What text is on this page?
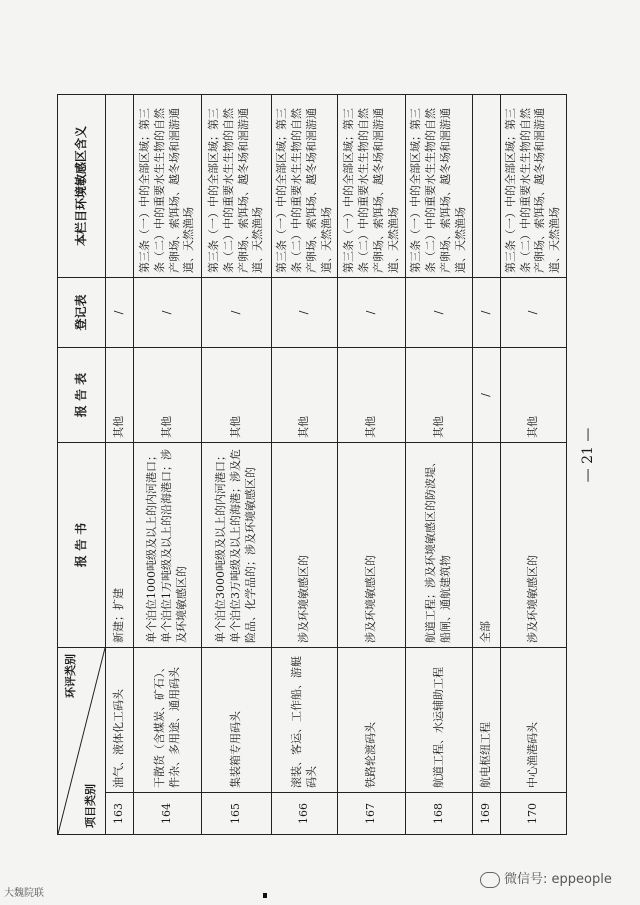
环评类别
项目类别		报 告 书	报 告 表	登记表	本栏目环境敏感区含义
163	油气、液体化工码头	新建；扩建	其他	/	
164	干散货（含煤炭、矿石）、件杂、多用途、通用码头	单个泊位1000吨级及以上的内河港口；单个泊位1万吨级及以上的沿海港口；涉及环境敏感区的	其他	/	第三条（一）中的全部区域；第三条（二）中的重要水生生物的自然产卵场、索饵场、越冬场和洄游通道、天然渔场
165	集装箱专用码头	单个泊位3000吨级及以上的内河港口；单个泊位3万吨级及以上的海港；涉及危险品、化学品的；涉及环境敏感区的	其他	/	第三条（一）中的全部区域；第三条（二）中的重要水生生物的自然产卵场、索饵场、越冬场和洄游通道、天然渔场
166	滚装、客运、工作船、游艇码头	涉及环境敏感区的	其他	/	第三条（一）中的全部区域；第三条（二）中的重要水生生物的自然产卵场、索饵场、越冬场和洄游通道、天然渔场
167	铁路轮渡码头	涉及环境敏感区的	其他	/	第三条（一）中的全部区域；第三条（二）中的重要水生生物的自然产卵场、索饵场、越冬场和洄游通道、天然渔场
168	航道工程、水运辅助工程	航道工程；涉及环境敏感区的防波堤、船闸、通航建筑物	其他	/	第三条（一）中的全部区域；第三条（二）中的重要水生生物的自然产卵场、索饵场、越冬场和洄游通道、天然渔场
169	航电枢纽工程	全部	/	/	
170	中心渔港码头	涉及环境敏感区的	其他	/	第三条（一）中的全部区域；第三条（二）中的重要水生生物的自然产卵场、索饵场、越冬场和洄游通道、天然渔场
— 21 —
大魏院联
微信号: eppeople
